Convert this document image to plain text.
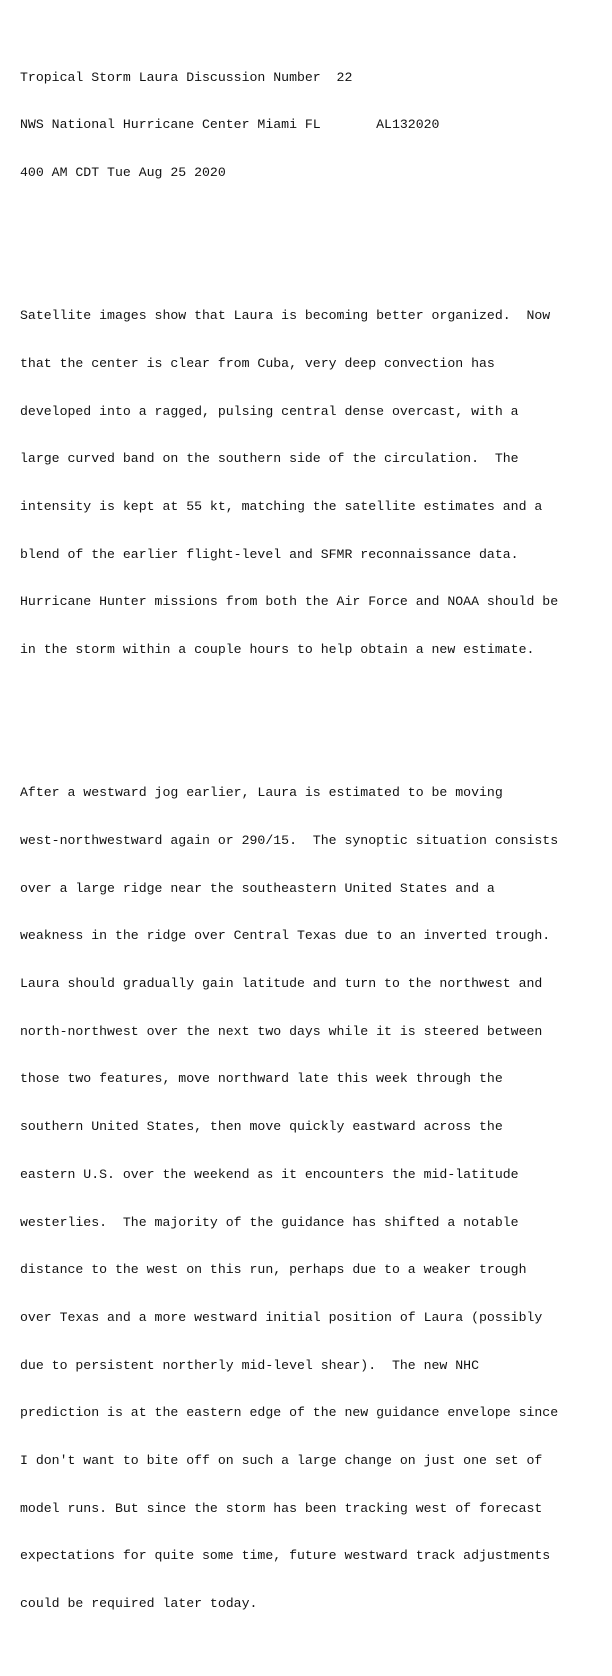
Tropical Storm Laura Discussion Number  22

NWS National Hurricane Center Miami FL       AL132020

400 AM CDT Tue Aug 25 2020

Satellite images show that Laura is becoming better organized.  Now

that the center is clear from Cuba, very deep convection has

developed into a ragged, pulsing central dense overcast, with a

large curved band on the southern side of the circulation.  The

intensity is kept at 55 kt, matching the satellite estimates and a

blend of the earlier flight-level and SFMR reconnaissance data.

Hurricane Hunter missions from both the Air Force and NOAA should be

in the storm within a couple hours to help obtain a new estimate.

After a westward jog earlier, Laura is estimated to be moving

west-northwestward again or 290/15.  The synoptic situation consists

over a large ridge near the southeastern United States and a

weakness in the ridge over Central Texas due to an inverted trough.

Laura should gradually gain latitude and turn to the northwest and

north-northwest over the next two days while it is steered between

those two features, move northward late this week through the

southern United States, then move quickly eastward across the

eastern U.S. over the weekend as it encounters the mid-latitude

westerlies.  The majority of the guidance has shifted a notable

distance to the west on this run, perhaps due to a weaker trough

over Texas and a more westward initial position of Laura (possibly

due to persistent northerly mid-level shear).  The new NHC

prediction is at the eastern edge of the new guidance envelope since

I don't want to bite off on such a large change on just one set of

model runs. But since the storm has been tracking west of forecast

expectations for quite some time, future westward track adjustments

could be required later today.
